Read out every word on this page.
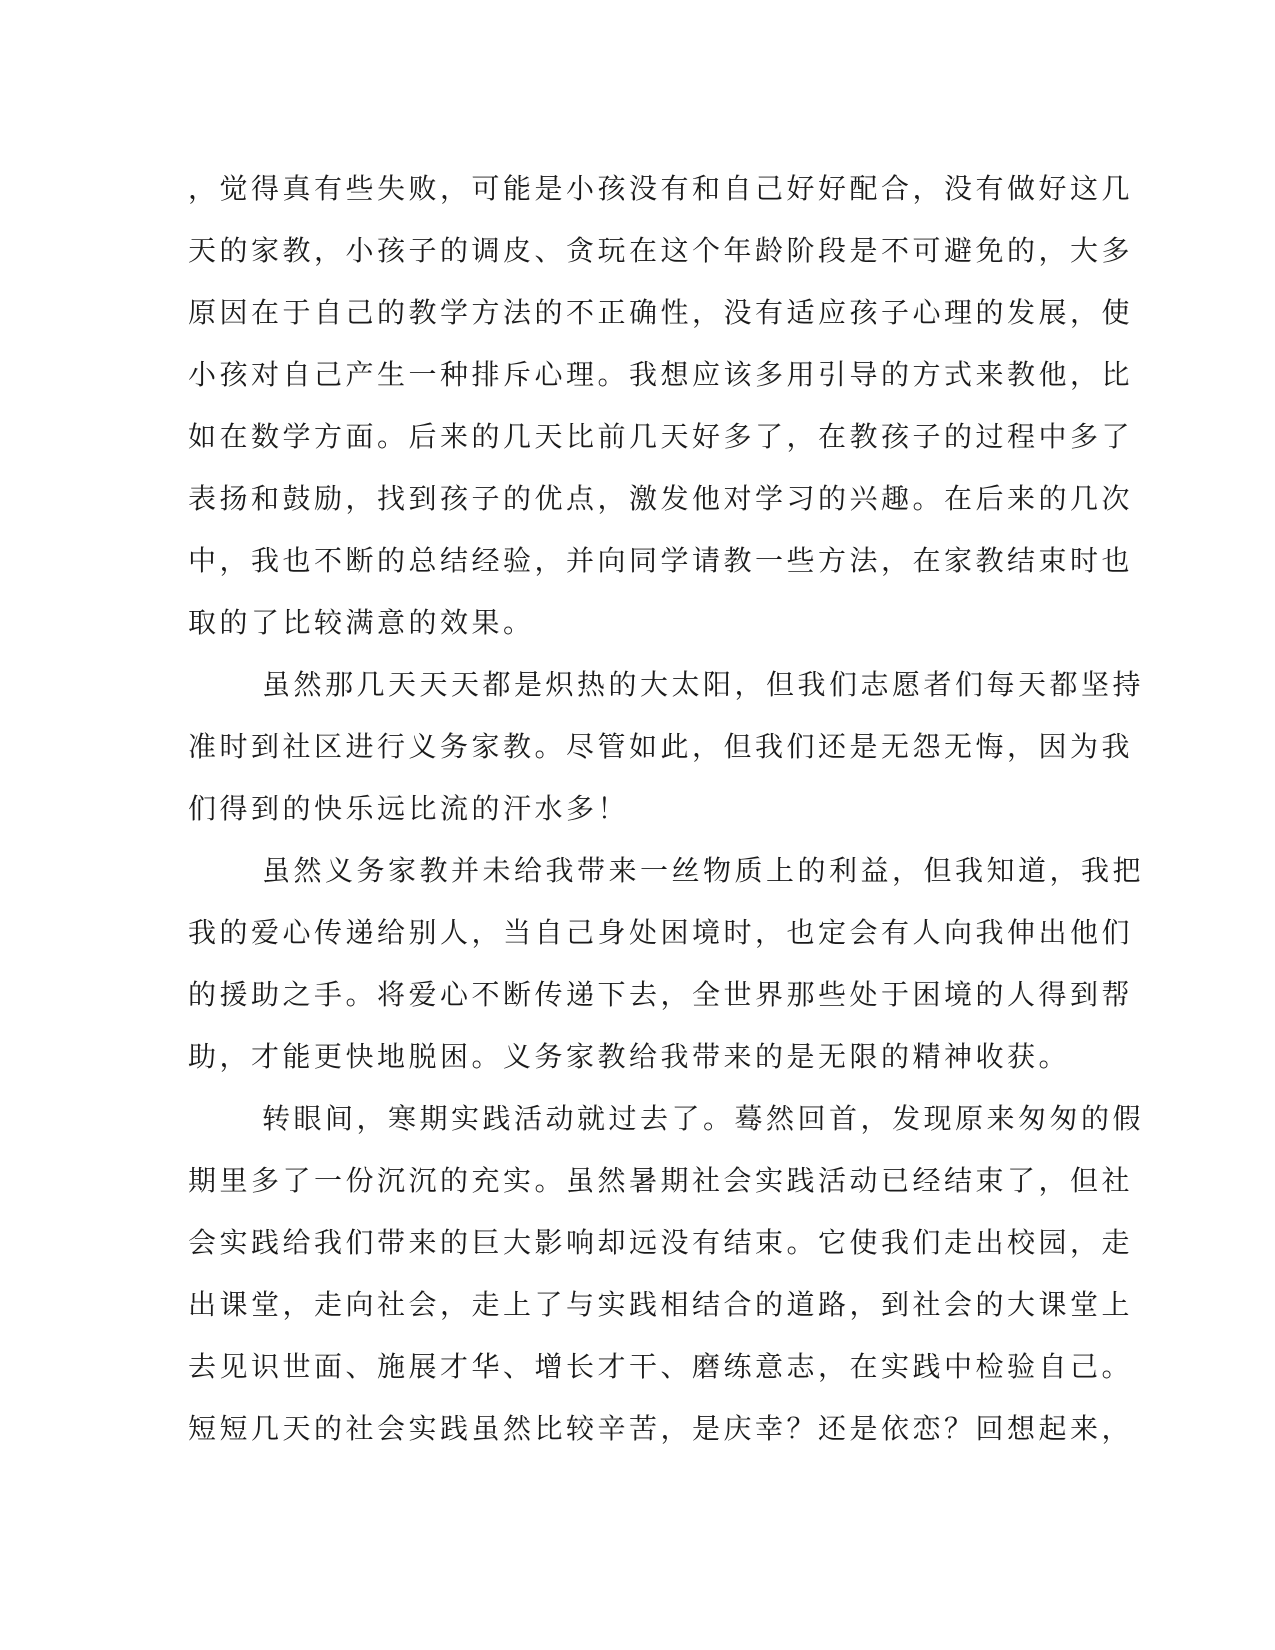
，觉得真有些失败，可能是小孩没有和自己好好配合，没有做好这几
天的家教，小孩子的调皮、贪玩在这个年龄阶段是不可避免的，大多
原因在于自己的教学方法的不正确性，没有适应孩子心理的发展，使
小孩对自己产生一种排斥心理。我想应该多用引导的方式来教他，比
如在数学方面。后来的几天比前几天好多了，在教孩子的过程中多了
表扬和鼓励，找到孩子的优点，激发他对学习的兴趣。在后来的几次
中，我也不断的总结经验，并向同学请教一些方法，在家教结束时也
取的了比较满意的效果。
虽然那几天天天都是炽热的大太阳，但我们志愿者们每天都坚持
准时到社区进行义务家教。尽管如此，但我们还是无怨无悔，因为我
们得到的快乐远比流的汗水多！
虽然义务家教并未给我带来一丝物质上的利益，但我知道，我把
我的爱心传递给别人，当自己身处困境时，也定会有人向我伸出他们
的援助之手。将爱心不断传递下去，全世界那些处于困境的人得到帮
助，才能更快地脱困。义务家教给我带来的是无限的精神收获。
转眼间，寒期实践活动就过去了。蓦然回首，发现原来匆匆的假
期里多了一份沉沉的充实。虽然暑期社会实践活动已经结束了，但社
会实践给我们带来的巨大影响却远没有结束。它使我们走出校园，走
出课堂，走向社会，走上了与实践相结合的道路，到社会的大课堂上
去见识世面、施展才华、增长才干、磨练意志，在实践中检验自己。
短短几天的社会实践虽然比较辛苦，是庆幸？还是依恋？回想起来，
